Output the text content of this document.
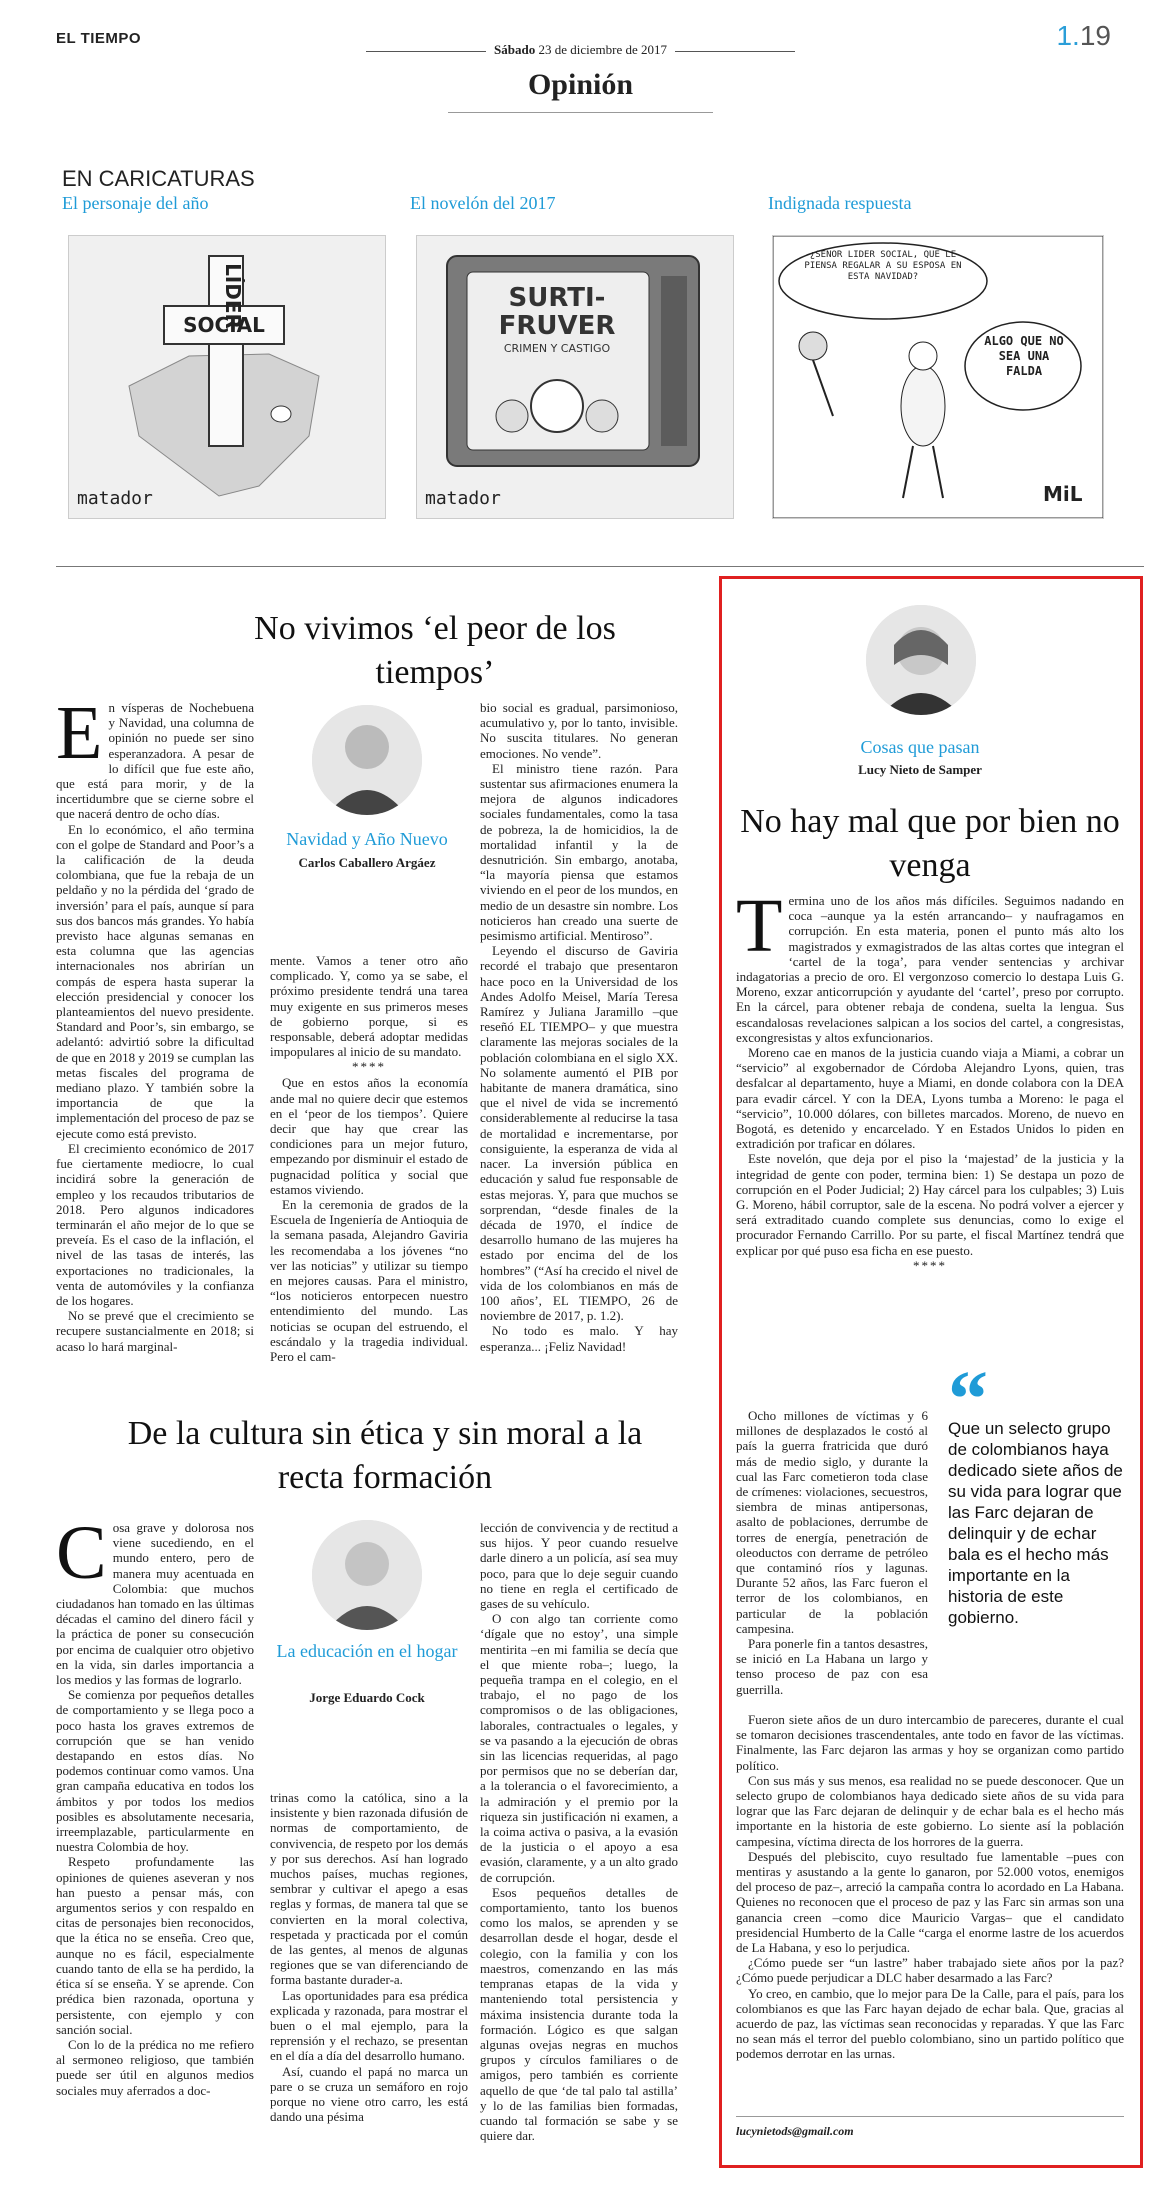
EL TIEMPO
Sábado 23 de diciembre de 2017	1.19
Opinión
EN CARICATURAS
El personaje del año	El novelón del 2017	Indignada respuesta
SOCIAL
LÍDER
matador
SURTI-
FRUVER
CRIMEN Y CASTIGO
matador
¿SEÑOR LÍDER SOCIAL, QUE LE PIENSA REGALAR A SU ESPOSA EN ESTA NAVIDAD?
ALGO QUE NO SEA UNA FALDA
MiL
No vivimos ‘el peor de los tiempos’
E n vísperas de Nochebuena y Navidad, una columna de opinión no puede ser sino esperanzadora. A pesar de lo difícil que fue este año, que está para morir, y de la incertidumbre que se cierne sobre el que nacerá dentro de ocho días.

En lo económico, el año termina con el golpe de Standard and Poor’s a la calificación de la deuda colombiana, que fue la rebaja de un peldaño y no la pérdida del ‘grado de inversión’ para el país, aunque sí para sus dos bancos más grandes. Yo había previsto hace algunas semanas en esta columna que las agencias internacionales nos abrirían un compás de espera hasta superar la elección presidencial y conocer los planteamientos del nuevo presidente. Standard and Poor’s, sin embargo, se adelantó: advirtió sobre la dificultad de que en 2018 y 2019 se cumplan las metas fiscales del programa de mediano plazo. Y también sobre la importancia de que la implementación del proceso de paz se ejecute como está previsto.

El crecimiento económico de 2017 fue ciertamente mediocre, lo cual incidirá sobre la generación de empleo y los recaudos tributarios de 2018. Pero algunos indicadores terminarán el año mejor de lo que se preveía. Es el caso de la inflación, el nivel de las tasas de interés, las exportaciones no tradicionales, la venta de automóviles y la confianza de los hogares.

No se prevé que el crecimiento se recupere sustancialmente en 2018; si acaso lo hará marginal-

Navidad y Año Nuevo
Carlos Caballero Argáez

mente. Vamos a tener otro año complicado. Y, como ya se sabe, el próximo presidente tendrá una tarea muy exigente en sus primeros meses de gobierno porque, si es responsable, deberá adoptar medidas impopulares al inicio de su mandato.

****

Que en estos años la economía ande mal no quiere decir que estemos en el ‘peor de los tiempos’. Quiere decir que hay que crear las condiciones para un mejor futuro, empezando por disminuir el estado de pugnacidad política y social que estamos viviendo.

En la ceremonia de grados de la Escuela de Ingeniería de Antioquia de la semana pasada, Alejandro Gaviria les recomendaba a los jóvenes “no ver las noticias” y utilizar su tiempo en mejores causas. Para el ministro, “los noticieros entorpecen nuestro entendimiento del mundo. Las noticias se ocupan del estruendo, el escándalo y la tragedia individual. Pero el cam-

bio social es gradual, parsimonioso, acumulativo y, por lo tanto, invisible. No suscita titulares. No generan emociones. No vende”.

El ministro tiene razón. Para sustentar sus afirmaciones enumera la mejora de algunos indicadores sociales fundamentales, como la tasa de pobreza, la de homicidios, la de mortalidad infantil y la de desnutrición. Sin embargo, anotaba, “la mayoría piensa que estamos viviendo en el peor de los mundos, en medio de un desastre sin nombre. Los noticieros han creado una suerte de pesimismo artificial. Mentiroso”.

Leyendo el discurso de Gaviria recordé el trabajo que presentaron hace poco en la Universidad de los Andes Adolfo Meisel, María Teresa Ramírez y Juliana Jaramillo –que reseñó EL TIEMPO– y que muestra claramente las mejoras sociales de la población colombiana en el siglo XX. No solamente aumentó el PIB por habitante de manera dramática, sino que el nivel de vida se incrementó considerablemente al reducirse la tasa de mortalidad e incrementarse, por consiguiente, la esperanza de vida al nacer. La inversión pública en educación y salud fue responsable de estas mejoras. Y, para que muchos se sorprendan, “desde finales de la década de 1970, el índice de desarrollo humano de las mujeres ha estado por encima del de los hombres” (“Así ha crecido el nivel de vida de los colombianos en más de 100 años’, EL TIEMPO, 26 de noviembre de 2017, p. 1.2).

No todo es malo. Y hay esperanza... ¡Feliz Navidad!

De la cultura sin ética y sin moral a la recta formación
C osa grave y dolorosa nos viene sucediendo, en el mundo entero, pero de manera muy acentuada en Colombia: que muchos ciudadanos han tomado en las últimas décadas el camino del dinero fácil y la práctica de poner su consecución por encima de cualquier otro objetivo en la vida, sin darles importancia a los medios y las formas de lograrlo.

Se comienza por pequeños detalles de comportamiento y se llega poco a poco hasta los graves extremos de corrupción que se han venido destapando en estos días. No podemos continuar como vamos. Una gran campaña educativa en todos los ámbitos y por todos los medios posibles es absolutamente necesaria, irreemplazable, particularmente en nuestra Colombia de hoy.

Respeto profundamente las opiniones de quienes aseveran y nos han puesto a pensar más, con argumentos serios y con respaldo en citas de personajes bien reconocidos, que la ética no se enseña. Creo que, aunque no es fácil, especialmente cuando tanto de ella se ha perdido, la ética sí se enseña. Y se aprende. Con prédica bien razonada, oportuna y persistente, con ejemplo y con sanción social.

Con lo de la prédica no me refiero al sermoneo religioso, que también puede ser útil en algunos medios sociales muy aferrados a doc-

La educación en el hogar
Jorge Eduardo Cock

trinas como la católica, sino a la insistente y bien razonada difusión de normas de comportamiento, de convivencia, de respeto por los demás y por sus derechos. Así han logrado muchos países, muchas regiones, sembrar y cultivar el apego a esas reglas y formas, de manera tal que se convierten en la moral colectiva, respetada y practicada por el común de las gentes, al menos de algunas regiones que se van diferenciando de forma bastante durader-a.

Las oportunidades para esa prédica explicada y razonada, para mostrar el buen o el mal ejemplo, para la reprensión y el rechazo, se presentan en el día a día del desarrollo humano.

Así, cuando el papá no marca un pare o se cruza un semáforo en rojo porque no viene otro carro, les está dando una pésima

lección de convivencia y de rectitud a sus hijos. Y peor cuando resuelve darle dinero a un policía, así sea muy poco, para que lo deje seguir cuando no tiene en regla el certificado de gases de su vehículo.

O con algo tan corriente como ‘dígale que no estoy’, una simple mentirita –en mi familia se decía que el que miente roba–; luego, la pequeña trampa en el colegio, en el trabajo, el no pago de los compromisos o de las obligaciones, laborales, contractuales o legales, y se va pasando a la ejecución de obras sin las licencias requeridas, al pago por permisos que no se deberían dar, a la tolerancia o el favorecimiento, a la admiración y el premio por la riqueza sin justificación ni examen, a la coima activa o pasiva, a la evasión de la justicia o el apoyo a esa evasión, claramente, y a un alto grado de corrupción.

Esos pequeños detalles de comportamiento, tanto los buenos como los malos, se aprenden y se desarrollan desde el hogar, desde el colegio, con la familia y con los maestros, comenzando en las más tempranas etapas de la vida y manteniendo total persistencia y máxima insistencia durante toda la formación. Lógico es que salgan algunas ovejas negras en muchos grupos y círculos familiares o de amigos, pero también es corriente aquello de que ‘de tal palo tal astilla’ y lo de las familias bien formadas, cuando tal formación se sabe y se quiere dar.

Cosas que pasan
Lucy Nieto de Samper
No hay mal que por bien no venga
T ermina uno de los años más difíciles. Seguimos nadando en coca –aunque ya la estén arrancando– y naufragamos en corrupción. En esta materia, ponen el punto más alto los magistrados y exmagistrados de las altas cortes que integran el ‘cartel de la toga’, para vender sentencias y archivar indagatorias a precio de oro. El vergonzoso comercio lo destapa Luis G. Moreno, exzar anticorrupción y ayudante del ‘cartel’, preso por corrupto. En la cárcel, para obtener rebaja de condena, suelta la lengua. Sus escandalosas revelaciones salpican a los socios del cartel, a congresistas, excongresistas y altos exfuncionarios.

Moreno cae en manos de la justicia cuando viaja a Miami, a cobrar un “servicio” al exgobernador de Córdoba Alejandro Lyons, quien, tras desfalcar al departamento, huye a Miami, en donde colabora con la DEA para evadir cárcel. Y con la DEA, Lyons tumba a Moreno: le paga el “servicio”, 10.000 dólares, con billetes marcados. Moreno, de nuevo en Bogotá, es detenido y encarcelado. Y en Estados Unidos lo piden en extradición por traficar en dólares.

Este novelón, que deja por el piso la ‘majestad’ de la justicia y la integridad de gente con poder, termina bien: 1) Se destapa un pozo de corrupción en el Poder Judicial; 2) Hay cárcel para los culpables; 3) Luis G. Moreno, hábil corruptor, sale de la escena. No podrá volver a ejercer y será extraditado cuando complete sus denuncias, como lo exige el procurador Fernando Carrillo. Por su parte, el fiscal Martínez tendrá que explicar por qué puso esa ficha en ese puesto.

****

Ocho millones de víctimas y 6 millones de desplazados le costó al país la guerra fratricida que duró más de medio siglo, y durante la cual las Farc cometieron toda clase de crímenes: violaciones, secuestros, siembra de minas antipersonas, asalto de poblaciones, derrumbe de torres de energía, penetración de oleoductos con derrame de petróleo que contaminó ríos y lagunas. Durante 52 años, las Farc fueron el terror de los colombianos, en particular de la población campesina.

Para ponerle fin a tantos desastres, se inició en La Habana un largo y tenso proceso de paz con esa guerrilla.

“
Que un selecto grupo de colombianos haya dedicado siete años de su vida para lograr que las Farc dejaran de delinquir y de echar bala es el hecho más importante en la historia de este gobierno.

Fueron siete años de un duro intercambio de pareceres, durante el cual se tomaron decisiones trascendentales, ante todo en favor de las víctimas. Finalmente, las Farc dejaron las armas y hoy se organizan como partido político.

Con sus más y sus menos, esa realidad no se puede desconocer. Que un selecto grupo de colombianos haya dedicado siete años de su vida para lograr que las Farc dejaran de delinquir y de echar bala es el hecho más importante en la historia de este gobierno. Lo siente así la población campesina, víctima directa de los horrores de la guerra.

Después del plebiscito, cuyo resultado fue lamentable –pues con mentiras y asustando a la gente lo ganaron, por 52.000 votos, enemigos del proceso de paz–, arreció la campaña contra lo acordado en La Habana. Quienes no reconocen que el proceso de paz y las Farc sin armas son una ganancia creen –como dice Mauricio Vargas– que el candidato presidencial Humberto de la Calle “carga el enorme lastre de los acuerdos de La Habana, y eso lo perjudica.

¿Cómo puede ser “un lastre” haber trabajado siete años por la paz? ¿Cómo puede perjudicar a DLC haber desarmado a las Farc?

Yo creo, en cambio, que lo mejor para De la Calle, para el país, para los colombianos es que las Farc hayan dejado de echar bala. Que, gracias al acuerdo de paz, las víctimas sean reconocidas y reparadas. Y que las Farc no sean más el terror del pueblo colombiano, sino un partido político que podemos derrotar en las urnas.

lucynietods@gmail.com
